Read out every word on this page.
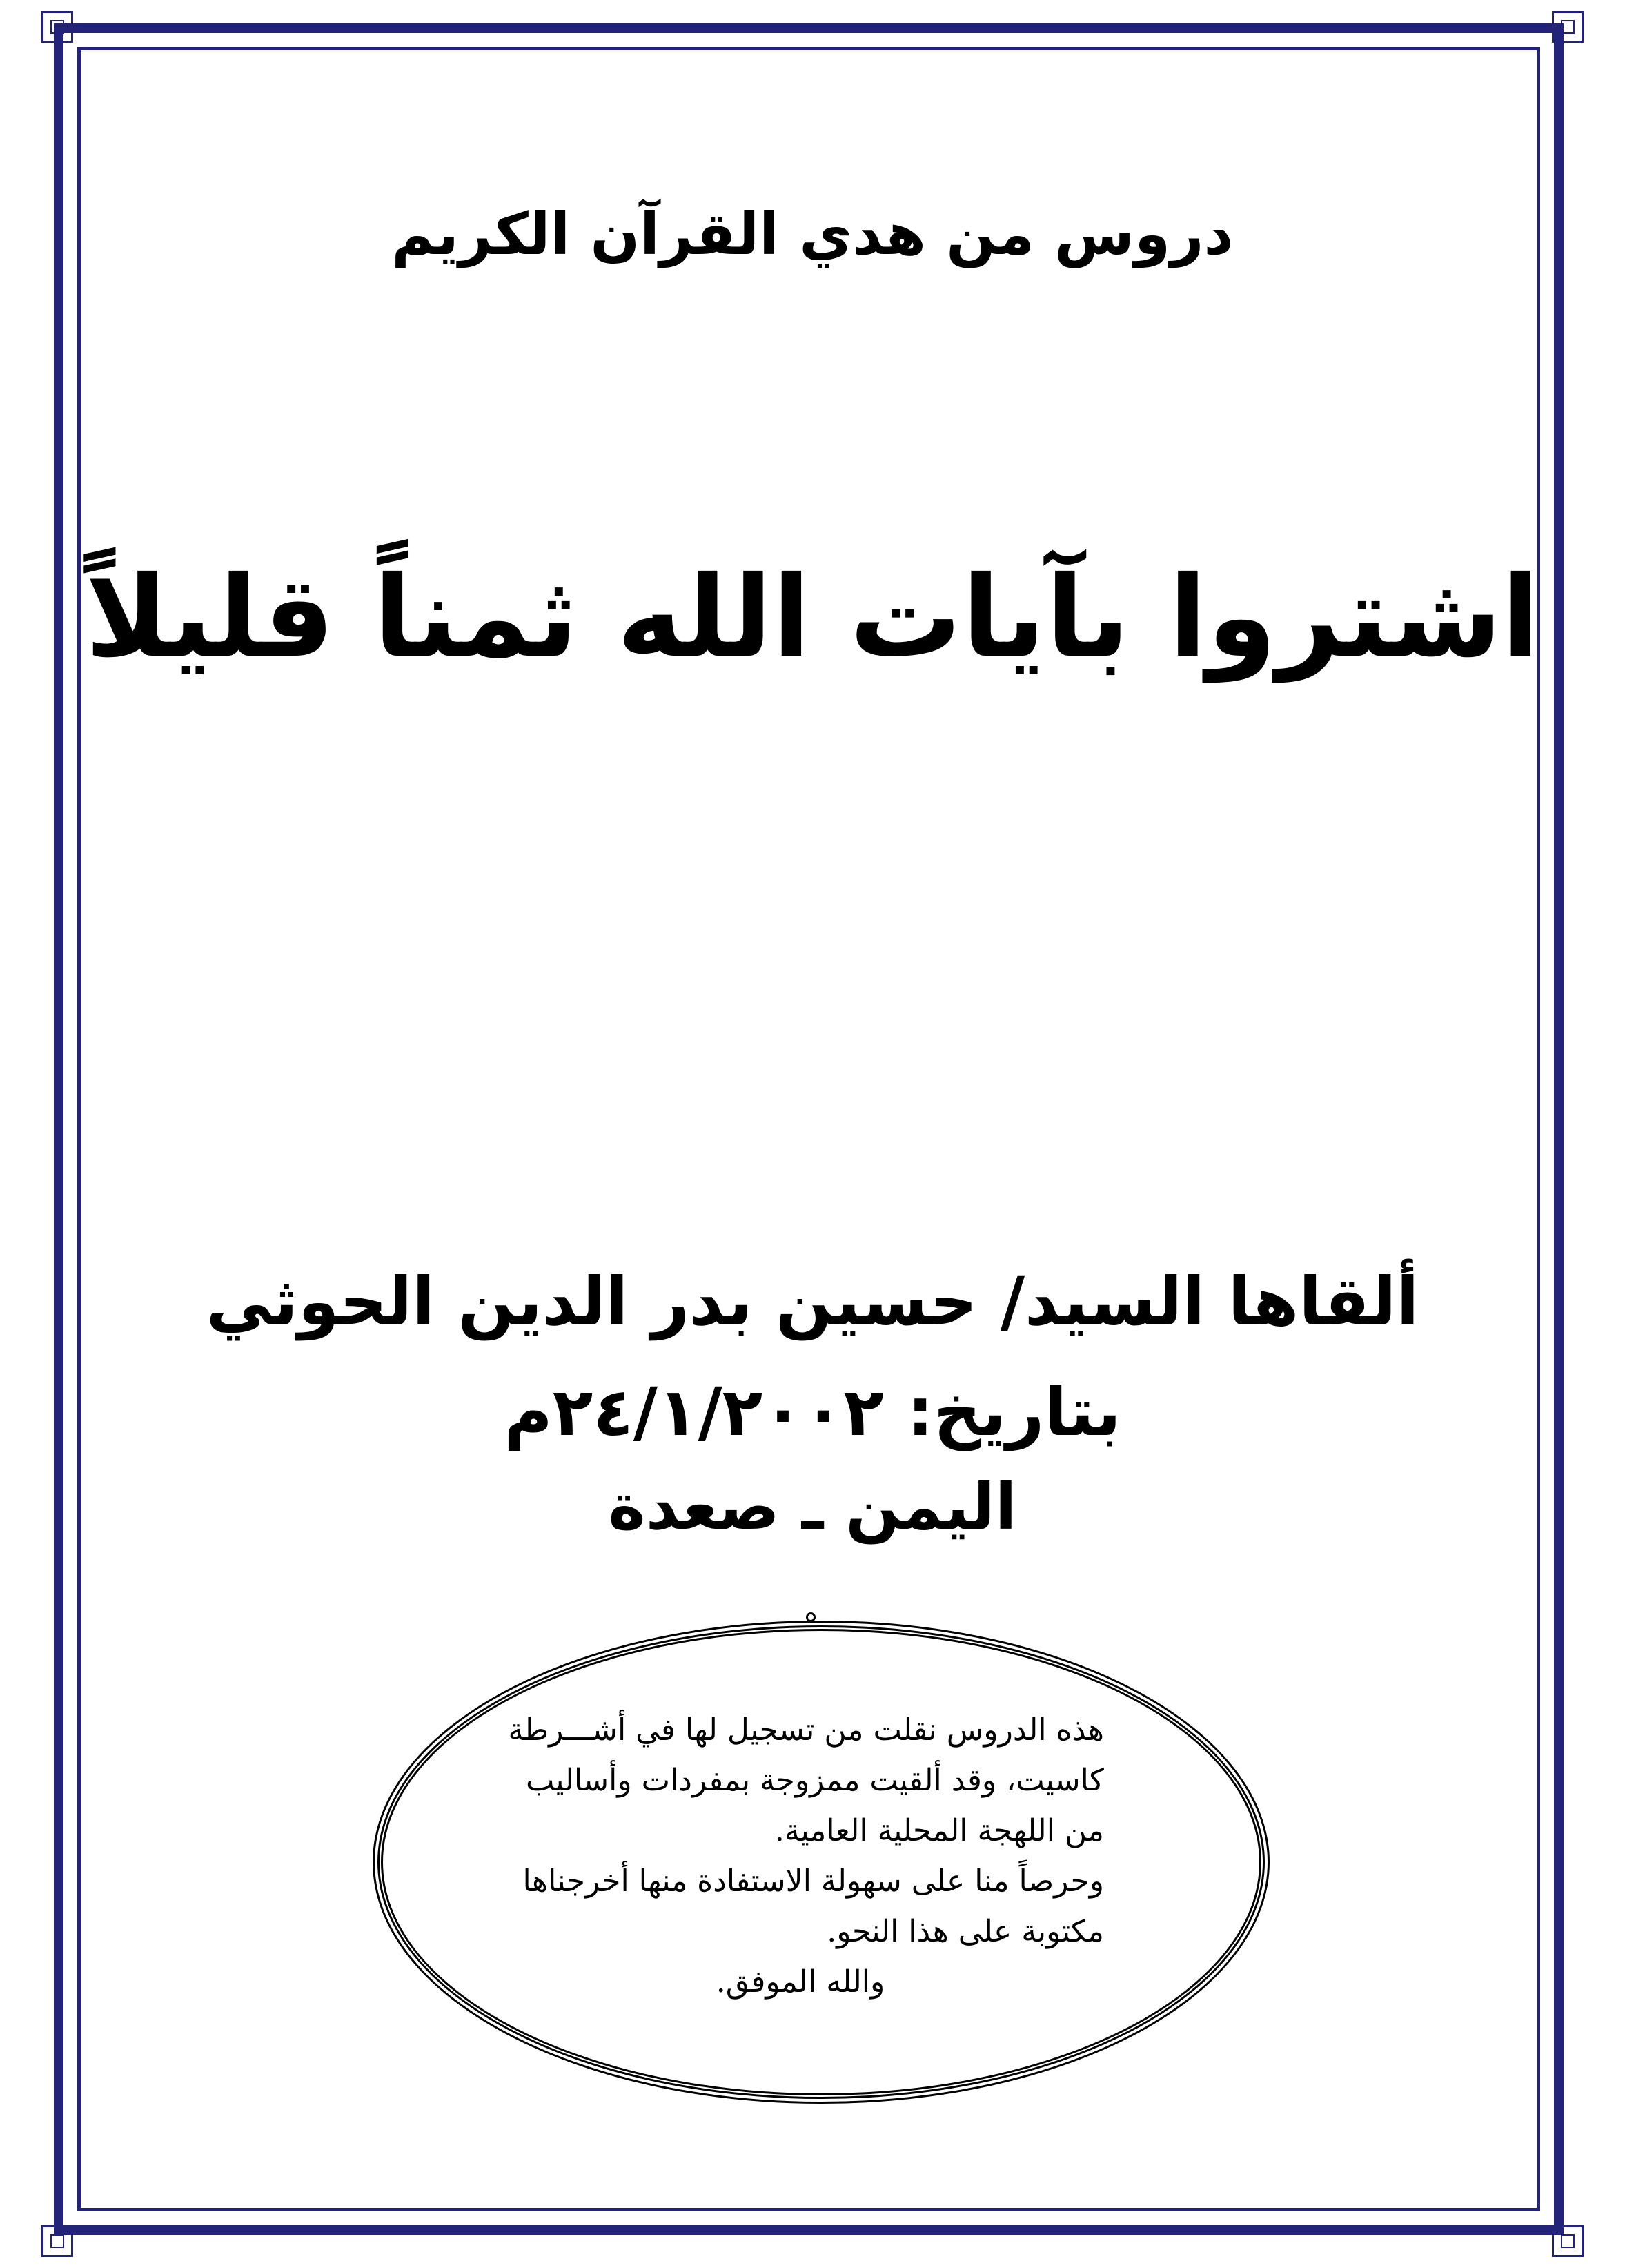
دروس من هدي القرآن الكريم
اشتروا بآيات الله ثمناً قليلاً
ألقاها السيد/ حسين بدر الدين الحوثي
بتاريخ: ٢٤/١/٢٠٠٢م
اليمن ـ صعدة
هذه الدروس نقلت من تسجيل لها في أشـــرطة
كاسيت، وقد ألقيت ممزوجة بمفردات وأساليب
من اللهجة المحلية العامية.
وحرصاً منا على سهولة الاستفادة منها أخرجناها
مكتوبة على هذا النحو.
والله الموفق.
